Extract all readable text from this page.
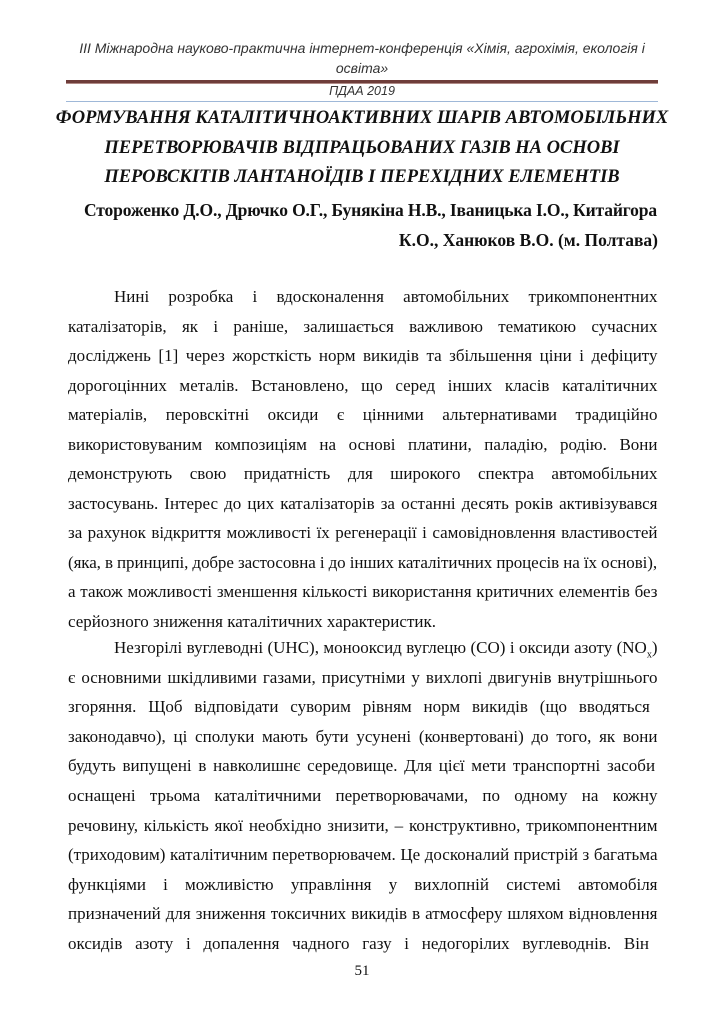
III Міжнародна науково-практична інтернет-конференція «Хімія, агрохімія, екологія і
освіта»
ПДАА 2019
ФОРМУВАННЯ КАТАЛІТИЧНОАКТИВНИХ ШАРІВ АВТОМОБІЛЬНИХ
ПЕРЕТВОРЮВАЧІВ ВІДПРАЦЬОВАНИХ ГАЗІВ НА ОСНОВІ
ПЕРОВСКІТІВ ЛАНТАНОЇДІВ І ПЕРЕХІДНИХ ЕЛЕМЕНТІВ
Стороженко Д.О., Дрючко О.Г., Бунякіна Н.В., Іваницька І.О., Китайгора
К.О., Ханюков В.О. (м. Полтава)
Нині розробка і вдосконалення автомобільних трикомпонентних
каталізаторів, як і раніше, залишається важливою тематикою сучасних
досліджень [1] через жорсткість норм викидів та збільшення ціни і дефіциту
дорогоцінних металів. Встановлено, що серед інших класів каталітичних
матеріалів, перовскітні оксиди є цінними альтернативами традиційно
використовуваним композиціям на основі платини, паладію, родію. Вони
демонструють свою придатність для широкого спектра автомобільних
застосувань. Інтерес до цих каталізаторів за останні десять років активізувався
за рахунок відкриття можливості їх регенерації і самовідновлення властивостей
(яка, в принципі, добре застосовна і до інших каталітичних процесів на їх основі),
а також можливості зменшення кількості використання критичних елементів без
серйозного зниження каталітичних характеристик.
Незгорілі вуглеводні (UHC), монооксид вуглецю (CO) і оксиди азоту $(NO_x)$
є основними шкідливими газами, присутніми у вихлопі двигунів внутрішнього
згоряння. Щоб відповідати суворим рівням норм викидів (що вводяться
законодавчо), ці сполуки мають бути усунені (конвертовані) до того, як вони
будуть випущені в навколишнє середовище. Для цієї мети транспортні засоби
оснащені трьома каталітичними перетворювачами, по одному на кожну
речовину, кількість якої необхідно знизити, – конструктивно, трикомпонентним
(триходовим) каталітичним перетворювачем. Це досконалий пристрій з багатьма
функціями і можливістю управління у вихлопній системі автомобіля
призначений для зниження токсичних викидів в атмосферу шляхом відновлення
оксидів азоту і допалення чадного газу і недогорілих вуглеводнів. Він
51
